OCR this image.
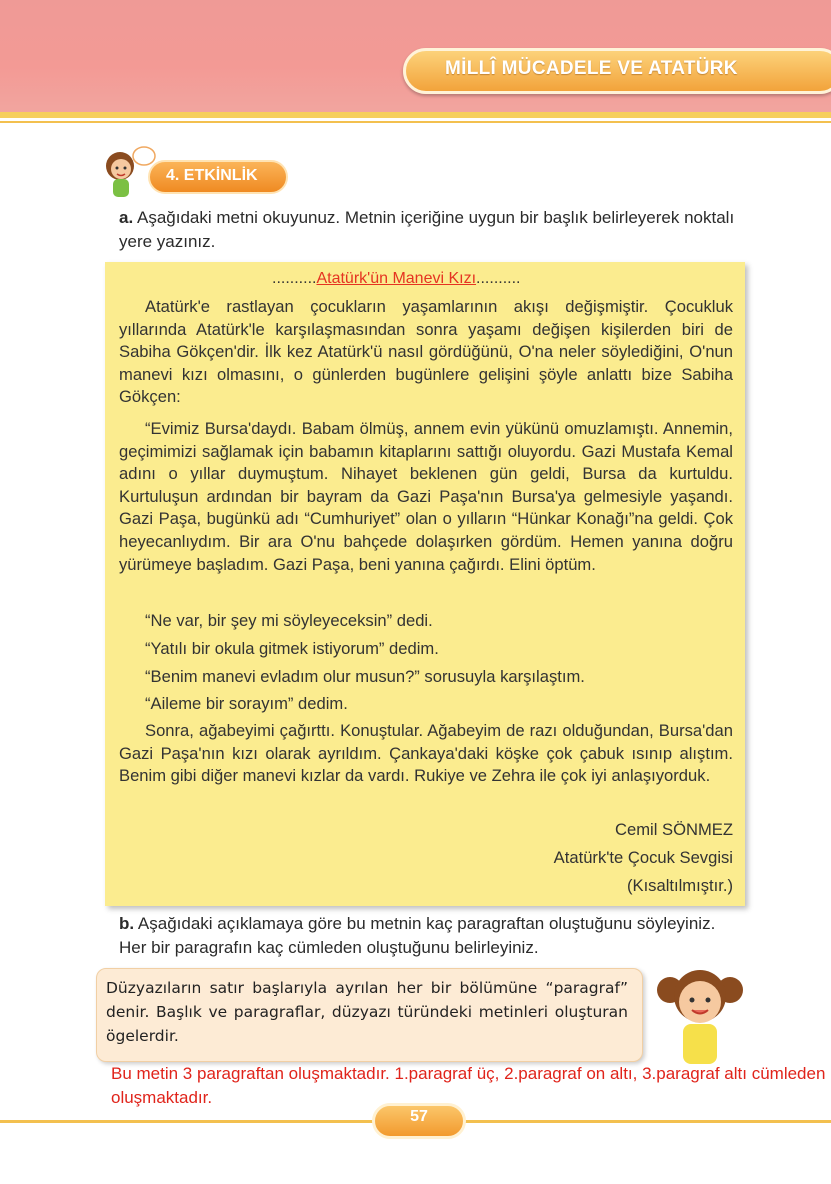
MİLLÎ MÜCADELE VE ATATÜRK
4. ETKİNLİK
a. Aşağıdaki metni okuyunuz. Metnin içeriğine uygun bir başlık belirleyerek noktalı yere yazınız.
..........Atatürk'ün Manevi Kızı..........

Atatürk'e rastlayan çocukların yaşamlarının akışı değişmiştir. Çocukluk yıllarında Atatürk'le karşılaşmasından sonra yaşamı değişen kişilerden biri de Sabiha Gökçen'dir. İlk kez Atatürk'ü nasıl gördüğünü, O'na neler söylediğini, O'nun manevi kızı olmasını, o günlerden bugünlere gelişini şöyle anlattı bize Sabiha Gökçen:

“Evimiz Bursa'daydı. Babam ölmüş, annem evin yükünü omuzlamıştı. Annemin, geçimimizi sağlamak için babamın kitaplarını sattığı oluyordu. Gazi Mustafa Kemal adını o yıllar duymuştum. Nihayet beklenen gün geldi, Bursa da kurtuldu. Kurtuluşun ardından bir bayram da Gazi Paşa'nın Bursa'ya gelmesiyle yaşandı. Gazi Paşa, bugünkü adı “Cumhuriyet” olan o yılların “Hünkar Konağı”na geldi. Çok heyecanlıydım. Bir ara O'nu bahçede dolaşırken gördüm. Hemen yanına doğru yürümeye başladım. Gazi Paşa, beni yanına çağırdı. Elini öptüm.

“Ne var, bir şey mi söyleyeceksin” dedi.

“Yatılı bir okula gitmek istiyorum” dedim.

“Benim manevi evladım olur musun?” sorusuyla karşılaştım.

“Aileme bir sorayım” dedim.

Sonra, ağabeyimi çağırttı. Konuştular. Ağabeyim de razı olduğundan, Bursa'dan Gazi Paşa'nın kızı olarak ayrıldım. Çankaya'daki köşke çok çabuk ısınıp alıştım. Benim gibi diğer manevi kızlar da vardı. Rukiye ve Zehra ile çok iyi anlaşıyorduk.

Cemil SÖNMEZ
Atatürk'te Çocuk Sevgisi
(Kısaltılmıştır.)
b. Aşağıdaki açıklamaya göre bu metnin kaç paragraftan oluştuğunu söyleyiniz. Her bir paragrafın kaç cümleden oluştuğunu belirleyiniz.
Düzyazıların satır başlarıyla ayrılan her bir bölümüne “paragraf” denir. Başlık ve paragraflar, düzyazı türündeki metinleri oluşturan ögelerdir.
Bu metin 3 paragraftan oluşmaktadır. 1.paragraf üç, 2.paragraf on altı, 3.paragraf altı cümleden oluşmaktadır.
57
